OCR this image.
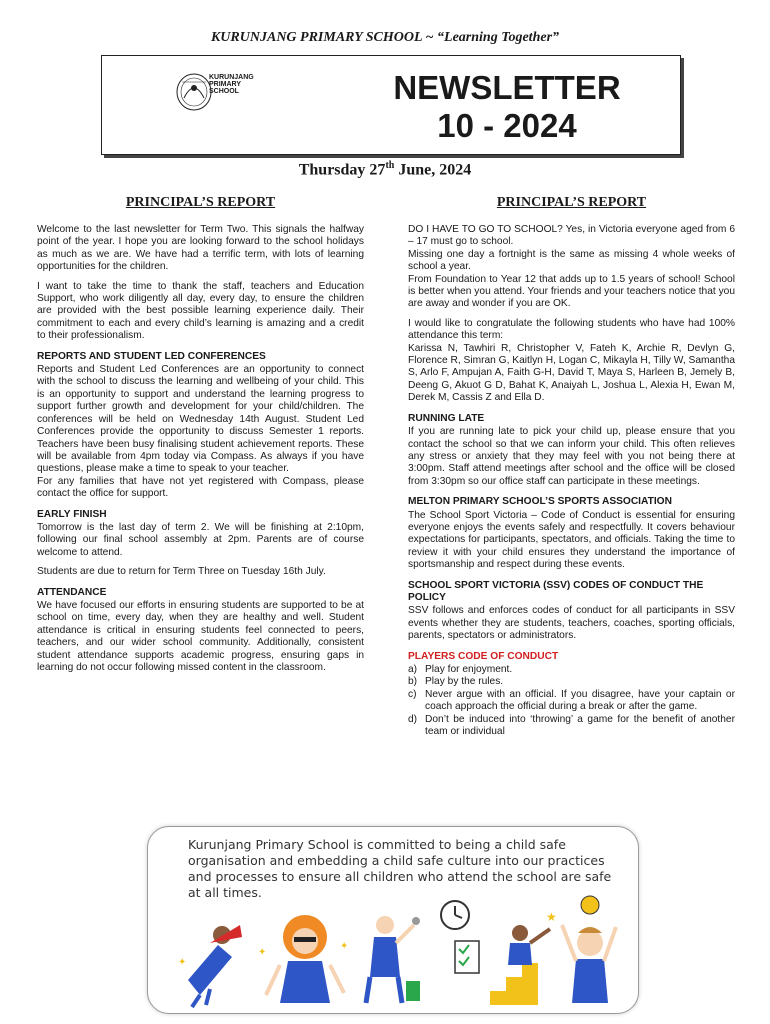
KURUNJANG PRIMARY SCHOOL ~ “Learning Together”
KURUNJANG
PRIMARY
SCHOOL	NEWSLETTER
10 - 2024
Thursday 27th June, 2024
PRINCIPAL’S REPORT

Welcome to the last newsletter for Term Two. This signals the halfway point of the year. I hope you are looking forward to the school holidays as much as we are. We have had a terrific term, with lots of learning opportunities for the children.

I want to take the time to thank the staff, teachers and Education Support, who work diligently all day, every day, to ensure the children are provided with the best possible learning experience daily. Their commitment to each and every child’s learning is amazing and a credit to their professionalism.

REPORTS AND STUDENT LED CONFERENCES
Reports and Student Led Conferences are an opportunity to connect with the school to discuss the learning and wellbeing of your child. This is an opportunity to support and understand the learning progress to support further growth and development for your child/children. The conferences will be held on Wednesday 14th August. Student Led Conferences provide the opportunity to discuss Semester 1 reports. Teachers have been busy finalising student achievement reports. These will be available from 4pm today via Compass. As always if you have questions, please make a time to speak to your teacher.

For any families that have not yet registered with Compass, please contact the office for support.

EARLY FINISH

Tomorrow is the last day of term 2. We will be finishing at 2:10pm, following our final school assembly at 2pm. Parents are of course welcome to attend.

Students are due to return for Term Three on Tuesday 16th July.

ATTENDANCE

We have focused our efforts in ensuring students are supported to be at school on time, every day, when they are healthy and well. Student attendance is critical in ensuring students feel connected to peers, teachers, and our wider school community. Additionally, consistent student attendance supports academic progress, ensuring gaps in learning do not occur following missed content in the classroom.

PRINCIPAL’S REPORT
DO I HAVE TO GO TO SCHOOL? Yes, in Victoria everyone aged from 6 – 17 must go to school.
Missing one day a fortnight is the same as missing 4 whole weeks of school a year.

From Foundation to Year 12 that adds up to 1.5 years of school! School is better when you attend. Your friends and your teachers notice that you are away and wonder if you are OK.

I would like to congratulate the following students who have had 100% attendance this term:

Karissa N, Tawhiri R, Christopher V, Fateh K, Archie R, Devlyn G, Florence R, Simran G, Kaitlyn H, Logan C, Mikayla H, Tilly W, Samantha S, Arlo F, Ampujan A, Faith G-H, David T, Maya S, Harleen B, Jemely B, Deeng G, Akuot G D, Bahat K, Anaiyah L, Joshua L, Alexia H, Ewan M, Derek M, Cassis Z and Ella D.

RUNNING LATE

If you are running late to pick your child up, please ensure that you contact the school so that we can inform your child. This often relieves any stress or anxiety that they may feel with you not being there at 3:00pm. Staff attend meetings after school and the office will be closed from 3:30pm so our office staff can participate in these meetings.

MELTON PRIMARY SCHOOL’S SPORTS ASSOCIATION

The School Sport Victoria – Code of Conduct is essential for ensuring everyone enjoys the events safely and respectfully. It covers behaviour expectations for participants, spectators, and officials. Taking the time to review it with your child ensures they understand the importance of sportsmanship and respect during these events.

SCHOOL SPORT VICTORIA (SSV) CODES OF CONDUCT THE POLICY

SSV follows and enforces codes of conduct for all participants in SSV events whether they are students, teachers, coaches, sporting officials, parents, spectators or administrators.

PLAYERS CODE OF CONDUCT
a) Play for enjoyment.
b) Play by the rules.
c) Never argue with an official. If you disagree, have your captain or coach approach the official during a break or after the game.
d) Don’t be induced into ‘throwing’ a game for the benefit of another team or individual
Kurunjang Primary School is committed to being a child safe organisation and embedding a child safe culture into our practices and processes to ensure all children who attend the school are safe at all times.
✦
✦
✦
★
